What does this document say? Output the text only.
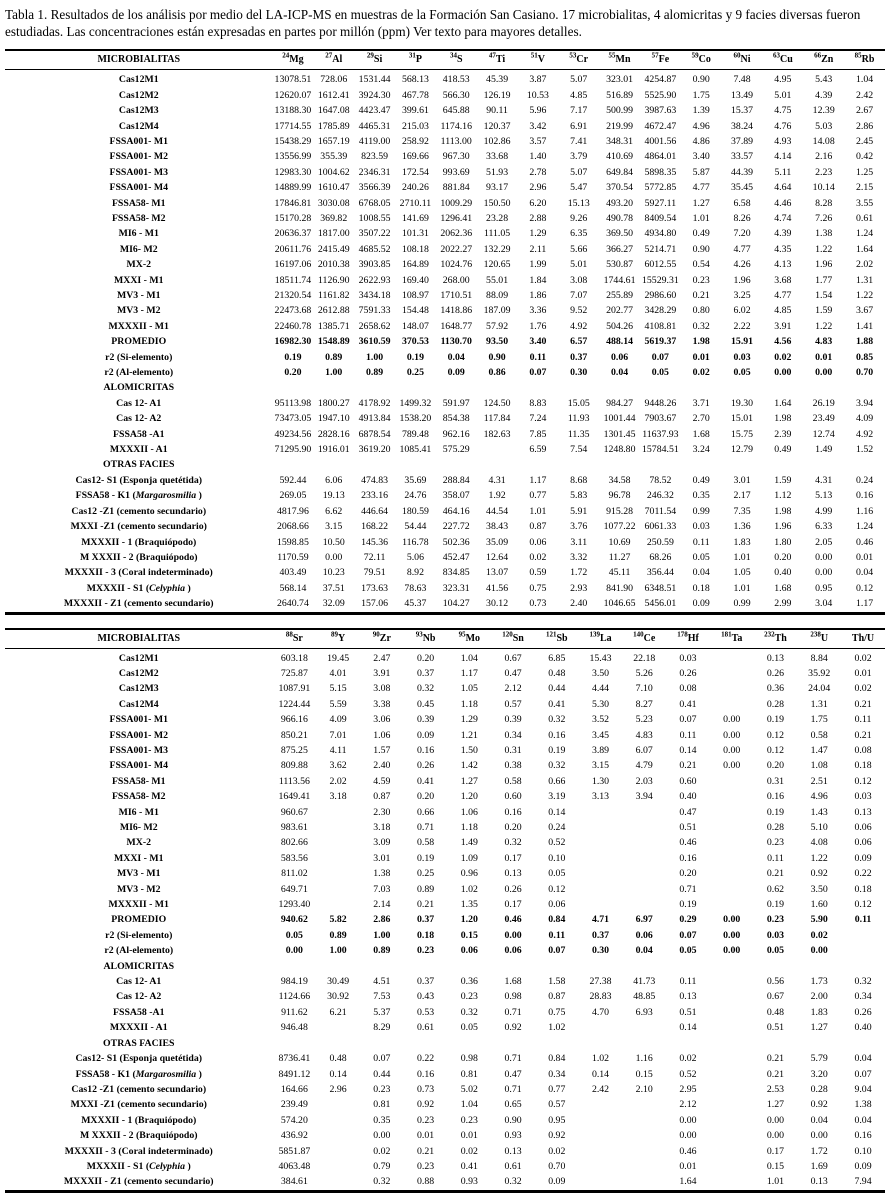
Tabla 1. Resultados de los análisis por medio del LA-ICP-MS en muestras de la Formación San Casiano. 17 microbialitas, 4 alomicritas y 9 facies diversas fueron estudiadas. Las concentraciones están expresadas en partes por millón (ppm) Ver texto para mayores detalles.

MICROBIALITAS	$^{24}$Mg	$^{27}$Al	$^{29}$Si	$^{31}$P	$^{34}$S	$^{47}$Ti	$^{51}$V	$^{53}$Cr	$^{55}$Mn	$^{57}$Fe	$^{59}$Co	$^{60}$Ni	$^{63}$Cu	$^{66}$Zn	$^{85}$Rb
Cas12M1	13078.51	728.06	1531.44	568.13	418.53	45.39	3.87	5.07	323.01	4254.87	0.90	7.48	4.95	5.43	1.04
Cas12M2	12620.07	1612.41	3924.30	467.78	566.30	126.19	10.53	4.85	516.89	5525.90	1.75	13.49	5.01	4.39	2.42
Cas12M3	13188.30	1647.08	4423.47	399.61	645.88	90.11	5.96	7.17	500.99	3987.63	1.39	15.37	4.75	12.39	2.67
Cas12M4	17714.55	1785.89	4465.31	215.03	1174.16	120.37	3.42	6.91	219.99	4672.47	4.96	38.24	4.76	5.03	2.86
FSSA001- M1	15438.29	1657.19	4119.00	258.92	1113.00	102.86	3.57	7.41	348.31	4001.56	4.86	37.89	4.93	14.08	2.45
FSSA001- M2	13556.99	355.39	823.59	169.66	967.30	33.68	1.40	3.79	410.69	4864.01	3.40	33.57	4.14	2.16	0.42
FSSA001- M3	12983.30	1004.62	2346.31	172.54	993.69	51.93	2.78	5.07	649.84	5898.35	5.87	44.39	5.11	2.23	1.25
FSSA001- M4	14889.99	1610.47	3566.39	240.26	881.84	93.17	2.96	5.47	370.54	5772.85	4.77	35.45	4.64	10.14	2.15
FSSA58- M1	17846.81	3030.08	6768.05	2710.11	1009.29	150.50	6.20	15.13	493.20	5927.11	1.27	6.58	4.46	8.28	3.55
FSSA58- M2	15170.28	369.82	1008.55	141.69	1296.41	23.28	2.88	9.26	490.78	8409.54	1.01	8.26	4.74	7.26	0.61
MI6 - M1	20636.37	1817.00	3507.22	101.31	2062.36	111.05	1.29	6.35	369.50	4934.80	0.49	7.20	4.39	1.38	1.24
MI6- M2	20611.76	2415.49	4685.52	108.18	2022.27	132.29	2.11	5.66	366.27	5214.71	0.90	4.77	4.35	1.22	1.64
MX-2	16197.06	2010.38	3903.85	164.89	1024.76	120.65	1.99	5.01	530.87	6012.55	0.54	4.26	4.13	1.96	2.02
MXXI - M1	18511.74	1126.90	2622.93	169.40	268.00	55.01	1.84	3.08	1744.61	15529.31	0.23	1.96	3.68	1.77	1.31
MV3 - M1	21320.54	1161.82	3434.18	108.97	1710.51	88.09	1.86	7.07	255.89	2986.60	0.21	3.25	4.77	1.54	1.22
MV3 - M2	22473.68	2612.88	7591.33	154.48	1418.86	187.09	3.36	9.52	202.77	3428.29	0.80	6.02	4.85	1.59	3.67
MXXXII - M1	22460.78	1385.71	2658.62	148.07	1648.77	57.92	1.76	4.92	504.26	4108.81	0.32	2.22	3.91	1.22	1.41
PROMEDIO	16982.30	1548.89	3610.59	370.53	1130.70	93.50	3.40	6.57	488.14	5619.37	1.98	15.91	4.56	4.83	1.88
r2 (Si-elemento)	0.19	0.89	1.00	0.19	0.04	0.90	0.11	0.37	0.06	0.07	0.01	0.03	0.02	0.01	0.85
r2 (Al-elemento)	0.20	1.00	0.89	0.25	0.09	0.86	0.07	0.30	0.04	0.05	0.02	0.05	0.00	0.00	0.70
ALOMICRITAS															
Cas 12- A1	95113.98	1800.27	4178.92	1499.32	591.97	124.50	8.83	15.05	984.27	9448.26	3.71	19.30	1.64	26.19	3.94
Cas 12- A2	73473.05	1947.10	4913.84	1538.20	854.38	117.84	7.24	11.93	1001.44	7903.67	2.70	15.01	1.98	23.49	4.09
FSSA58 -A1	49234.56	2828.16	6878.54	789.48	962.16	182.63	7.85	11.35	1301.45	11637.93	1.68	15.75	2.39	12.74	4.92
MXXXII - A1	71295.90	1916.01	3619.20	1085.41	575.29		6.59	7.54	1248.80	15784.51	3.24	12.79	0.49	1.49	1.52
OTRAS FACIES															
Cas12- S1 (Esponja quetétida)	592.44	6.06	474.83	35.69	288.84	4.31	1.17	8.68	34.58	78.52	0.49	3.01	1.59	4.31	0.24
FSSA58 - K1 (Margarosmilia )	269.05	19.13	233.16	24.76	358.07	1.92	0.77	5.83	96.78	246.32	0.35	2.17	1.12	5.13	0.16
Cas12 -Z1 (cemento secundario)	4817.96	6.62	446.64	180.59	464.16	44.54	1.01	5.91	915.28	7011.54	0.99	7.35	1.98	4.99	1.16
MXXI -Z1 (cemento secundario)	2068.66	3.15	168.22	54.44	227.72	38.43	0.87	3.76	1077.22	6061.33	0.03	1.36	1.96	6.33	1.24
MXXXII - 1 (Braquiópodo)	1598.85	10.50	145.36	116.78	502.36	35.09	0.06	3.11	10.69	250.59	0.11	1.83	1.80	2.05	0.46
M XXXII - 2 (Braquiópodo)	1170.59	0.00	72.11	5.06	452.47	12.64	0.02	3.32	11.27	68.26	0.05	1.01	0.20	0.00	0.01
MXXXII - 3 (Coral indeterminado)	403.49	10.23	79.51	8.92	834.85	13.07	0.59	1.72	45.11	356.44	0.04	1.05	0.40	0.00	0.04
MXXXII - S1 (Celyphia )	568.14	37.51	173.63	78.63	323.31	41.56	0.75	2.93	841.90	6348.51	0.18	1.01	1.68	0.95	0.12
MXXXII - Z1 (cemento secundario)	2640.74	32.09	157.06	45.37	104.27	30.12	0.73	2.40	1046.65	5456.01	0.09	0.99	2.99	3.04	1.17
MICROBIALITAS	$^{88}$Sr	$^{89}$Y	$^{90}$Zr	$^{93}$Nb	$^{95}$Mo	$^{120}$Sn	$^{121}$Sb	$^{139}$La	$^{140}$Ce	$^{178}$Hf	$^{181}$Ta	$^{232}$Th	$^{238}$U	Th/U
Cas12M1	603.18	19.45	2.47	0.20	1.04	0.67	6.85	15.43	22.18	0.03		0.13	8.84	0.02
Cas12M2	725.87	4.01	3.91	0.37	1.17	0.47	0.48	3.50	5.26	0.26		0.26	35.92	0.01
Cas12M3	1087.91	5.15	3.08	0.32	1.05	2.12	0.44	4.44	7.10	0.08		0.36	24.04	0.02
Cas12M4	1224.44	5.59	3.38	0.45	1.18	0.57	0.41	5.30	8.27	0.41		0.28	1.31	0.21
FSSA001- M1	966.16	4.09	3.06	0.39	1.29	0.39	0.32	3.52	5.23	0.07	0.00	0.19	1.75	0.11
FSSA001- M2	850.21	7.01	1.06	0.09	1.21	0.34	0.16	3.45	4.83	0.11	0.00	0.12	0.58	0.21
FSSA001- M3	875.25	4.11	1.57	0.16	1.50	0.31	0.19	3.89	6.07	0.14	0.00	0.12	1.47	0.08
FSSA001- M4	809.88	3.62	2.40	0.26	1.42	0.38	0.32	3.15	4.79	0.21	0.00	0.20	1.08	0.18
FSSA58- M1	1113.56	2.02	4.59	0.41	1.27	0.58	0.66	1.30	2.03	0.60		0.31	2.51	0.12
FSSA58- M2	1649.41	3.18	0.87	0.20	1.20	0.60	3.19	3.13	3.94	0.40		0.16	4.96	0.03
MI6 - M1	960.67		2.30	0.66	1.06	0.16	0.14			0.47		0.19	1.43	0.13
MI6- M2	983.61		3.18	0.71	1.18	0.20	0.24			0.51		0.28	5.10	0.06
MX-2	802.66		3.09	0.58	1.49	0.32	0.52			0.46		0.23	4.08	0.06
MXXI - M1	583.56		3.01	0.19	1.09	0.17	0.10			0.16		0.11	1.22	0.09
MV3 - M1	811.02		1.38	0.25	0.96	0.13	0.05			0.20		0.21	0.92	0.22
MV3 - M2	649.71		7.03	0.89	1.02	0.26	0.12			0.71		0.62	3.50	0.18
MXXXII - M1	1293.40		2.14	0.21	1.35	0.17	0.06			0.19		0.19	1.60	0.12
PROMEDIO	940.62	5.82	2.86	0.37	1.20	0.46	0.84	4.71	6.97	0.29	0.00	0.23	5.90	0.11
r2 (Si-elemento)	0.05	0.89	1.00	0.18	0.15	0.00	0.11	0.37	0.06	0.07	0.00	0.03	0.02	
r2 (Al-elemento)	0.00	1.00	0.89	0.23	0.06	0.06	0.07	0.30	0.04	0.05	0.00	0.05	0.00	
ALOMICRITAS														
Cas 12- A1	984.19	30.49	4.51	0.37	0.36	1.68	1.58	27.38	41.73	0.11		0.56	1.73	0.32
Cas 12- A2	1124.66	30.92	7.53	0.43	0.23	0.98	0.87	28.83	48.85	0.13		0.67	2.00	0.34
FSSA58 -A1	911.62	6.21	5.37	0.53	0.32	0.71	0.75	4.70	6.93	0.51		0.48	1.83	0.26
MXXXII - A1	946.48		8.29	0.61	0.05	0.92	1.02			0.14		0.51	1.27	0.40
OTRAS FACIES														
Cas12- S1 (Esponja quetétida)	8736.41	0.48	0.07	0.22	0.98	0.71	0.84	1.02	1.16	0.02		0.21	5.79	0.04
FSSA58 - K1 (Margarosmilia )	8491.12	0.14	0.44	0.16	0.81	0.47	0.34	0.14	0.15	0.52		0.21	3.20	0.07
Cas12 -Z1 (cemento secundario)	164.66	2.96	0.23	0.73	5.02	0.71	0.77	2.42	2.10	2.95		2.53	0.28	9.04
MXXI -Z1 (cemento secundario)	239.49		0.81	0.92	1.04	0.65	0.57			2.12		1.27	0.92	1.38
MXXXII - 1 (Braquiópodo)	574.20		0.35	0.23	0.23	0.90	0.95			0.00		0.00	0.04	0.04
M XXXII - 2 (Braquiópodo)	436.92		0.00	0.01	0.01	0.93	0.92			0.00		0.00	0.00	0.16
MXXXII - 3 (Coral indeterminado)	5851.87		0.02	0.21	0.02	0.13	0.02			0.46		0.17	1.72	0.10
MXXXII - S1 (Celyphia )	4063.48		0.79	0.23	0.41	0.61	0.70			0.01		0.15	1.69	0.09
MXXXII - Z1 (cemento secundario)	384.61		0.32	0.88	0.93	0.32	0.09			1.64		1.01	0.13	7.94
